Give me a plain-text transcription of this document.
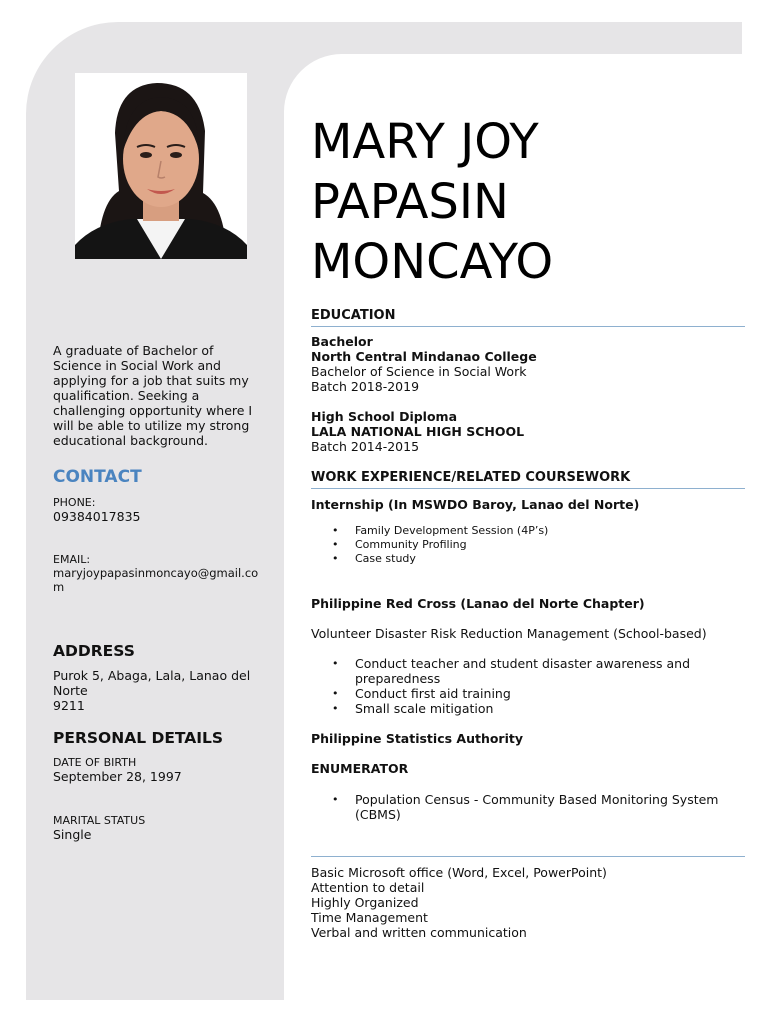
MARY JOY
PAPASIN
MONCAYO
A graduate of Bachelor of Science in Social Work and applying for a job that suits my qualification. Seeking a challenging opportunity where I will be able to utilize my strong educational background.
CONTACT
PHONE:
09384017835
EMAIL:
maryjoypapasinmoncayo@gmail.com
ADDRESS
Purok 5, Abaga, Lala, Lanao del
Norte
9211
PERSONAL DETAILS
DATE OF BIRTH
September 28, 1997
MARITAL STATUS
Single
EDUCATION
Bachelor
North Central Mindanao College
Bachelor of Science in Social Work
Batch 2018-2019
High School Diploma
LALA NATIONAL HIGH SCHOOL
Batch 2014-2015
WORK EXPERIENCE/RELATED COURSEWORK
Internship (In MSWDO Baroy, Lanao del Norte)
• Family Development Session (4P’s)
• Community Profiling
• Case study
Philippine Red Cross (Lanao del Norte Chapter)
Volunteer Disaster Risk Reduction Management (School-based)
• Conduct teacher and student disaster awareness and preparedness
• Conduct first aid training
• Small scale mitigation
Philippine Statistics Authority
ENUMERATOR
• Population Census - Community Based Monitoring System (CBMS)
Basic Microsoft office (Word, Excel, PowerPoint)
Attention to detail
Highly Organized
Time Management
Verbal and written communication
